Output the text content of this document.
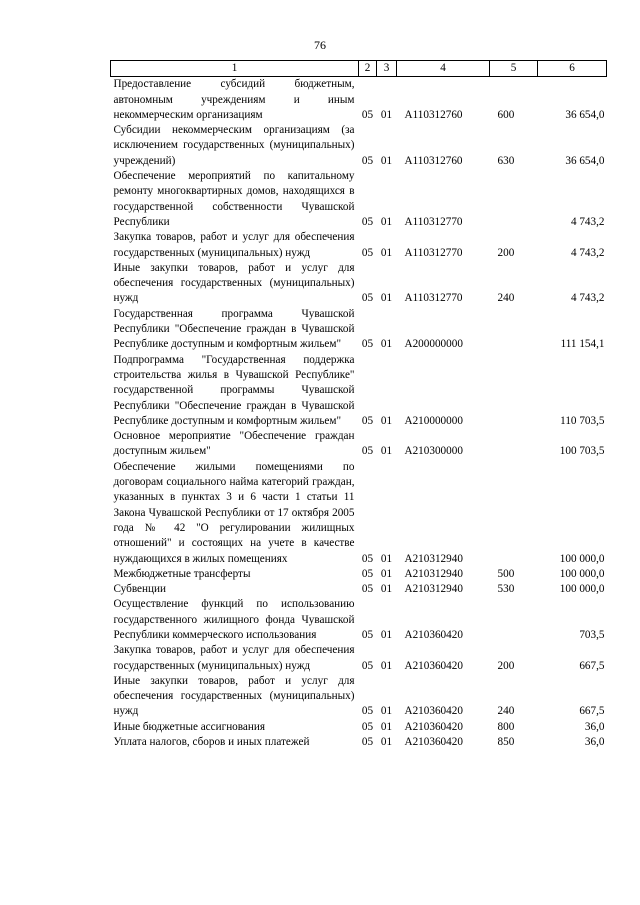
76
1	2	3	4	5	6
Предоставление субсидий бюджетным, автономным учреждениям и иным некоммерческим организациям	05	01	А110312760	600	36 654,0
Субсидии некоммерческим организациям (за исключением государственных (муниципальных) учреждений)	05	01	А110312760	630	36 654,0
Обеспечение мероприятий по капитальному ремонту многоквартирных домов, находящихся в государственной собственности Чувашской Республики	05	01	А110312770		4 743,2
Закупка товаров, работ и услуг для обеспечения государственных (муниципальных) нужд	05	01	А110312770	200	4 743,2
Иные закупки товаров, работ и услуг для обеспечения государственных (муниципальных) нужд	05	01	А110312770	240	4 743,2
Государственная программа Чувашской Республики "Обеспечение граждан в Чувашской Республике доступным и комфортным жильем"	05	01	А200000000		111 154,1
Подпрограмма "Государственная поддержка строительства жилья в Чувашской Республике" государственной программы Чувашской Республики "Обеспечение граждан в Чувашской Республике доступным и комфортным жильем"	05	01	А210000000		110 703,5
Основное мероприятие "Обеспечение граждан доступным жильем"	05	01	А210300000		100 703,5
Обеспечение жилыми помещениями по договорам социального найма категорий граждан, указанных в пунктах 3 и 6 части 1 статьи 11 Закона Чувашской Республики от 17 октября 2005 года № 42 "О регулировании жилищных отношений" и состоящих на учете в качестве нуждающихся в жилых помещениях	05	01	А210312940		100 000,0
Межбюджетные трансферты	05	01	А210312940	500	100 000,0
Субвенции	05	01	А210312940	530	100 000,0
Осуществление функций по использованию государственного жилищного фонда Чувашской Республики коммерческого использования	05	01	А210360420		703,5
Закупка товаров, работ и услуг для обеспечения государственных (муниципальных) нужд	05	01	А210360420	200	667,5
Иные закупки товаров, работ и услуг для обеспечения государственных (муниципальных) нужд	05	01	А210360420	240	667,5
Иные бюджетные ассигнования	05	01	А210360420	800	36,0
Уплата налогов, сборов и иных платежей	05	01	А210360420	850	36,0
